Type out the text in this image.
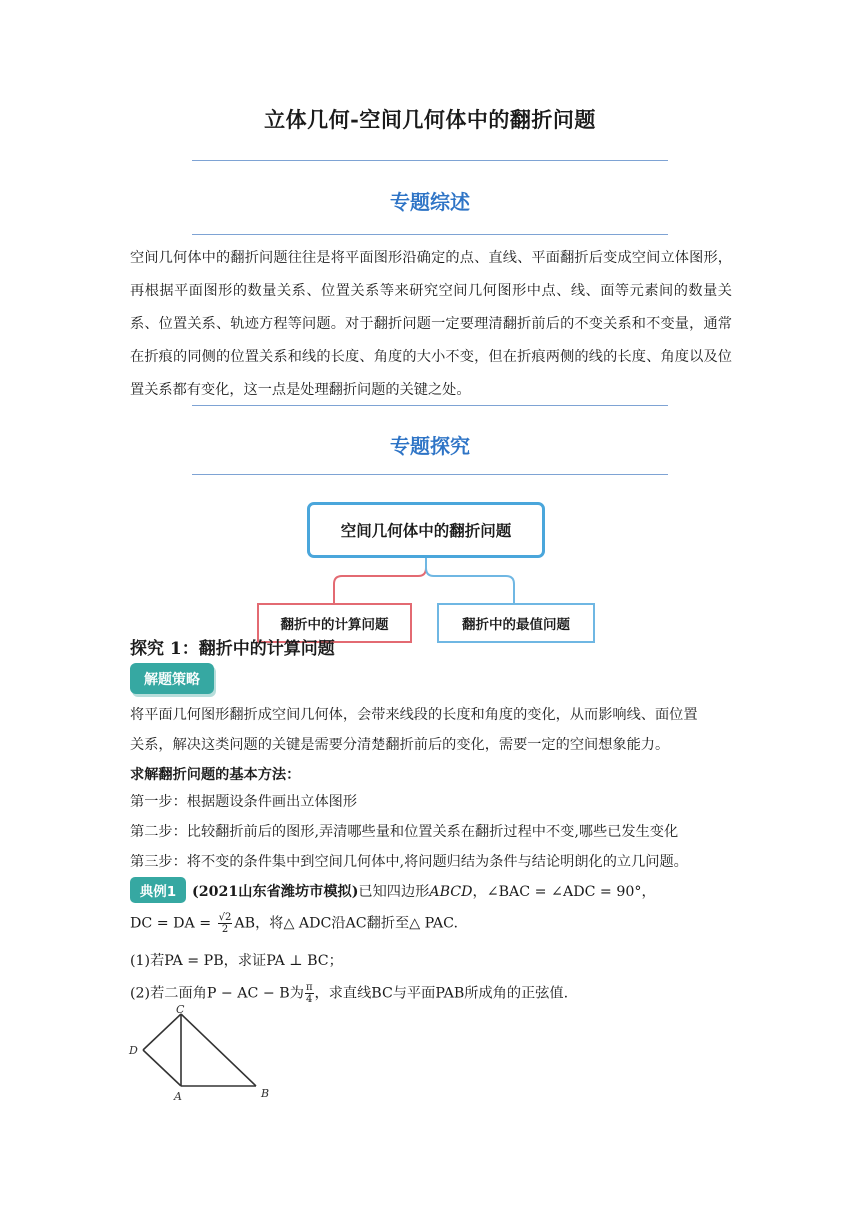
立体几何-空间几何体中的翻折问题
专题综述
空间几何体中的翻折问题往往是将平面图形沿确定的点、直线、平面翻折后变成空间立体图形，再根据平面图形的数量关系、位置关系等来研究空间几何图形中点、线、面等元素间的数量关系、位置关系、轨迹方程等问题。对于翻折问题一定要理清翻折前后的不变关系和不变量，通常在折痕的同侧的位置关系和线的长度、角度的大小不变，但在折痕两侧的线的长度、角度以及位置关系都有变化，这一点是处理翻折问题的关键之处。
专题探究
空间几何体中的翻折问题
翻折中的计算问题	翻折中的最值问题
探究 1：翻折中的计算问题
解题策略
将平面几何图形翻折成空间几何体，会带来线段的长度和角度的变化，从而影响线、面位置
关系，解决这类问题的关键是需要分清楚翻折前后的变化，需要一定的空间想象能力。
求解翻折问题的基本方法：
第一步：根据题设条件画出立体图形
第二步：比较翻折前后的图形,弄清哪些量和位置关系在翻折过程中不变,哪些已发生变化
第三步：将不变的条件集中到空间几何体中,将问题归结为条件与结论明朗化的立几问题。
典例1	(2021山东省潍坊市模拟)已知四边形ABCD，∠BAC = ∠ADC = 90°，
DC = DA = $\frac{√2}{2}$ AB，将△ ADC沿AC翻折至△ PAC.
(1)若PA = PB，求证PA ⊥ BC；
(2)若二面角P − AC − B为 $\frac{\pi}{4}$ ，求直线BC与平面PAB所成角的正弦值.
C
D
A	B
